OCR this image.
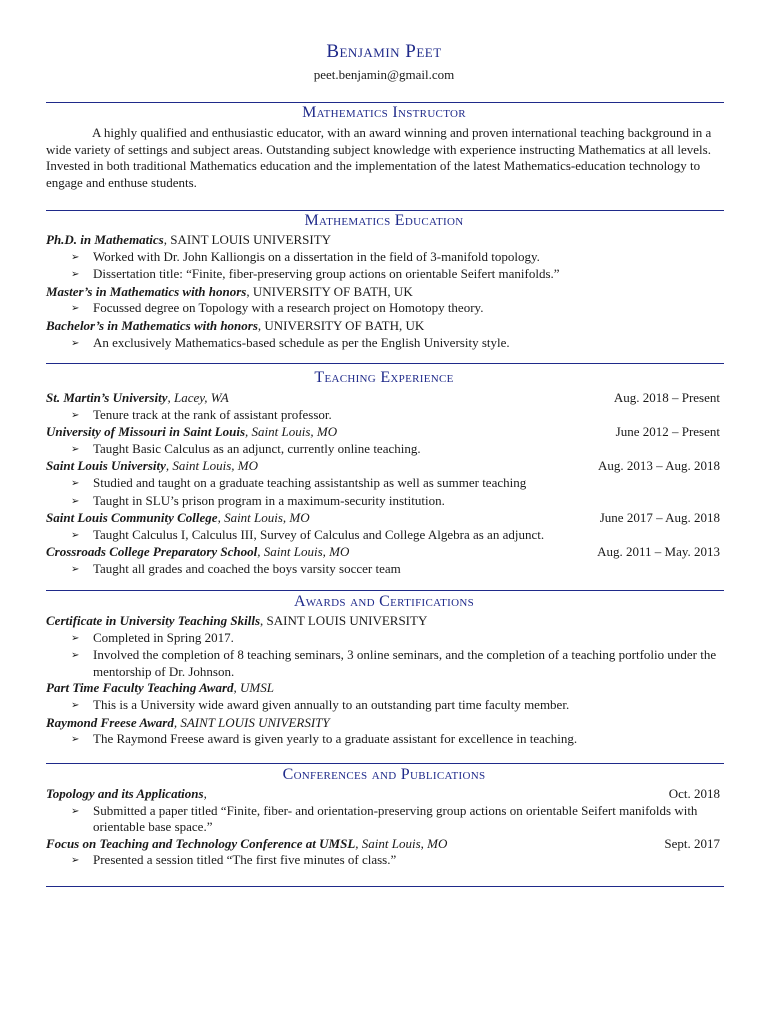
Benjamin Peet
peet.benjamin@gmail.com
Mathematics Instructor
A highly qualified and enthusiastic educator, with an award winning and proven international teaching background in a wide variety of settings and subject areas. Outstanding subject knowledge with experience instructing Mathematics at all levels. Invested in both traditional Mathematics education and the implementation of the latest Mathematics-education technology to engage and enthuse students.
Mathematics Education
Ph.D. in Mathematics, SAINT LOUIS UNIVERSITY
➢	Worked with Dr. John Kalliongis on a dissertation in the field of 3-manifold topology.
➢	Dissertation title: “Finite, fiber-preserving group actions on orientable Seifert manifolds.”
Master’s in Mathematics with honors, UNIVERSITY OF BATH, UK
➢	Focussed degree on Topology with a research project on Homotopy theory.
Bachelor’s in Mathematics with honors, UNIVERSITY OF BATH, UK
➢	An exclusively Mathematics-based schedule as per the English University style.
Teaching Experience
St. Martin’s University, Lacey, WA	Aug. 2018 – Present
➢	Tenure track at the rank of assistant professor.
University of Missouri in Saint Louis, Saint Louis, MO	June 2012 – Present
➢	Taught Basic Calculus as an adjunct, currently online teaching.
Saint Louis University, Saint Louis, MO	Aug. 2013 – Aug. 2018
➢	Studied and taught on a graduate teaching assistantship as well as summer teaching
➢	Taught in SLU’s prison program in a maximum-security institution.
Saint Louis Community College, Saint Louis, MO	June 2017 – Aug. 2018
➢	Taught Calculus I, Calculus III, Survey of Calculus and College Algebra as an adjunct.
Crossroads College Preparatory School, Saint Louis, MO	Aug. 2011 – May. 2013
➢	Taught all grades and coached the boys varsity soccer team
Awards and Certifications
Certificate in University Teaching Skills, SAINT LOUIS UNIVERSITY
➢	Completed in Spring 2017.
➢	Involved the completion of 8 teaching seminars, 3 online seminars, and the completion of a teaching portfolio under the mentorship of Dr. Johnson.
Part Time Faculty Teaching Award, UMSL
➢	This is a University wide award given annually to an outstanding part time faculty member.
Raymond Freese Award, SAINT LOUIS UNIVERSITY
➢	The Raymond Freese award is given yearly to a graduate assistant for excellence in teaching.
Conferences and Publications
Topology and its Applications,	Oct. 2018
➢	Submitted a paper titled “Finite, fiber- and orientation-preserving group actions on orientable Seifert manifolds with orientable base space.”
Focus on Teaching and Technology Conference at UMSL, Saint Louis, MO	Sept. 2017
➢	Presented a session titled “The first five minutes of class.”
